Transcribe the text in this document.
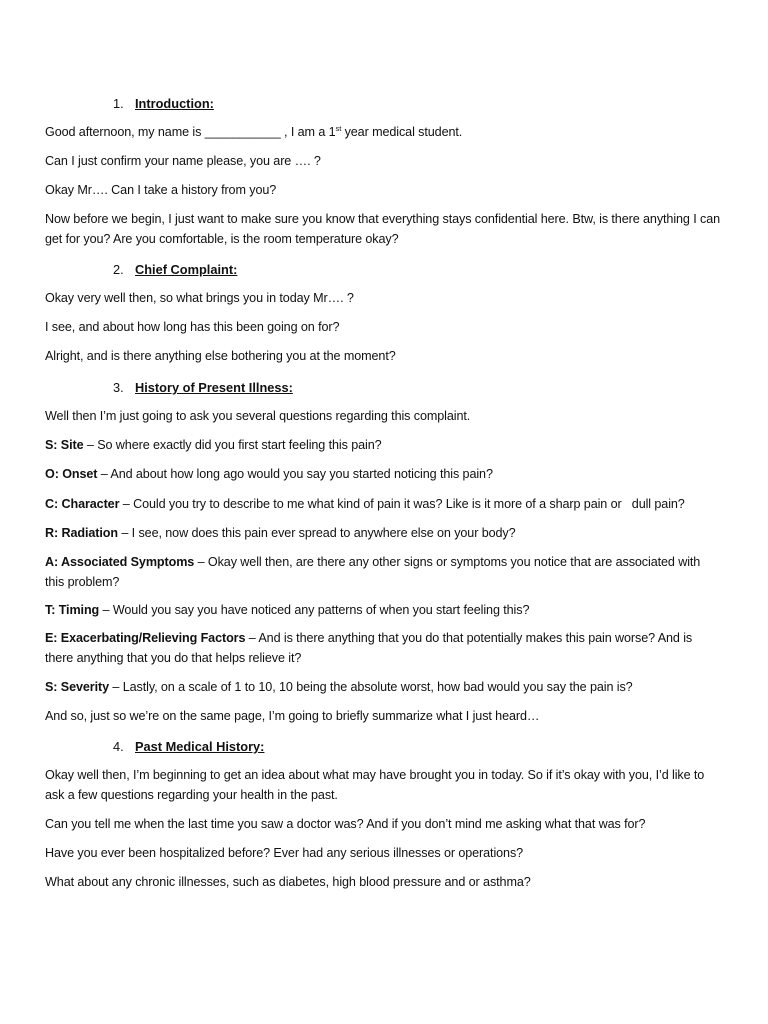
1. Introduction:
Good afternoon, my name is ___________ , I am a 1st year medical student.
Can I just confirm your name please, you are …. ?
Okay Mr…. Can I take a history from you?
Now before we begin, I just want to make sure you know that everything stays confidential here. Btw, is there anything I can get for you? Are you comfortable, is the room temperature okay?
2. Chief Complaint:
Okay very well then, so what brings you in today Mr…. ?
I see, and about how long has this been going on for?
Alright, and is there anything else bothering you at the moment?
3. History of Present Illness:
Well then I’m just going to ask you several questions regarding this complaint.
S: Site – So where exactly did you first start feeling this pain?
O: Onset – And about how long ago would you say you started noticing this pain?
C: Character – Could you try to describe to me what kind of pain it was? Like is it more of a sharp pain or   dull pain?
R: Radiation – I see, now does this pain ever spread to anywhere else on your body?
A: Associated Symptoms – Okay well then, are there any other signs or symptoms you notice that are associated with this problem?
T: Timing – Would you say you have noticed any patterns of when you start feeling this?
E: Exacerbating/Relieving Factors – And is there anything that you do that potentially makes this pain worse? And is there anything that you do that helps relieve it?
S: Severity – Lastly, on a scale of 1 to 10, 10 being the absolute worst, how bad would you say the pain is?
And so, just so we’re on the same page, I’m going to briefly summarize what I just heard…
4. Past Medical History:
Okay well then, I’m beginning to get an idea about what may have brought you in today. So if it’s okay with you, I’d like to ask a few questions regarding your health in the past.
Can you tell me when the last time you saw a doctor was? And if you don’t mind me asking what that was for?
Have you ever been hospitalized before? Ever had any serious illnesses or operations?
What about any chronic illnesses, such as diabetes, high blood pressure and or asthma?
